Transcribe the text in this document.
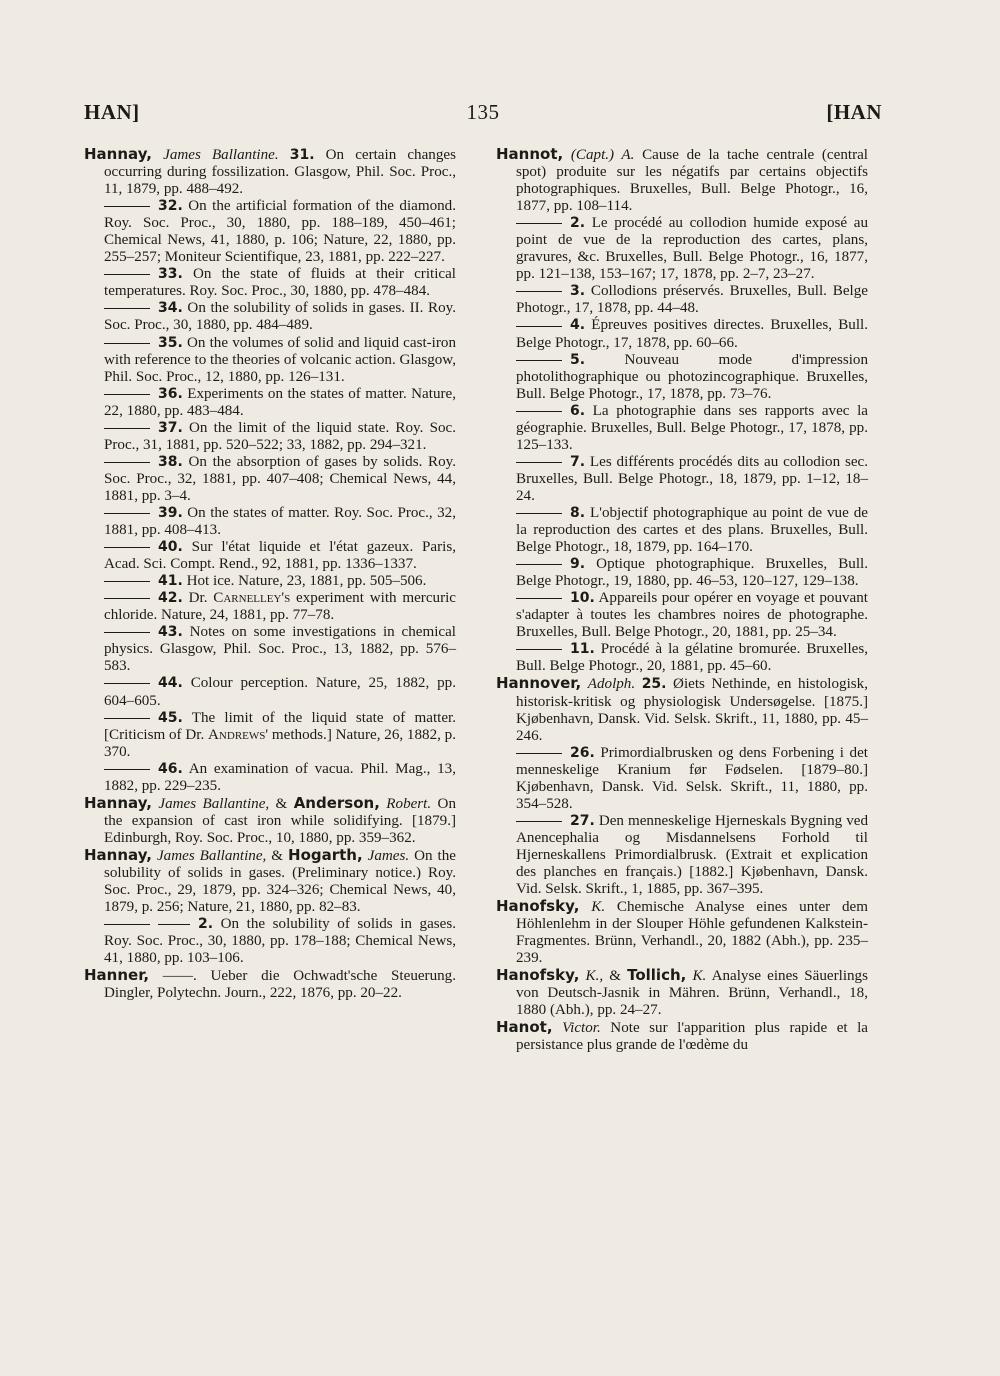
HAN]	135	[HAN

Hannay, James Ballantine. 31. On certain changes occurring during fossilization. Glasgow, Phil. Soc. Proc., 11, 1879, pp. 488–492.

32. On the artificial formation of the diamond. Roy. Soc. Proc., 30, 1880, pp. 188–189, 450–461; Chemical News, 41, 1880, p. 106; Nature, 22, 1880, pp. 255–257; Moniteur Scientifique, 23, 1881, pp. 222–227.

33. On the state of fluids at their critical temperatures. Roy. Soc. Proc., 30, 1880, pp. 478–484.

34. On the solubility of solids in gases. II. Roy. Soc. Proc., 30, 1880, pp. 484–489.

35. On the volumes of solid and liquid cast-iron with reference to the theories of volcanic action. Glasgow, Phil. Soc. Proc., 12, 1880, pp. 126–131.

36. Experiments on the states of matter. Nature, 22, 1880, pp. 483–484.

37. On the limit of the liquid state. Roy. Soc. Proc., 31, 1881, pp. 520–522; 33, 1882, pp. 294–321.

38. On the absorption of gases by solids. Roy. Soc. Proc., 32, 1881, pp. 407–408; Chemical News, 44, 1881, pp. 3–4.

39. On the states of matter. Roy. Soc. Proc., 32, 1881, pp. 408–413.

40. Sur l'état liquide et l'état gazeux. Paris, Acad. Sci. Compt. Rend., 92, 1881, pp. 1336–1337.

41. Hot ice. Nature, 23, 1881, pp. 505–506.

42. Dr. Carnelley's experiment with mercuric chloride. Nature, 24, 1881, pp. 77–78.

43. Notes on some investigations in chemical physics. Glasgow, Phil. Soc. Proc., 13, 1882, pp. 576–583.

44. Colour perception. Nature, 25, 1882, pp. 604–605.

45. The limit of the liquid state of matter. [Criticism of Dr. Andrews' methods.] Nature, 26, 1882, p. 370.

46. An examination of vacua. Phil. Mag., 13, 1882, pp. 229–235.

Hannay, James Ballantine, & Anderson, Robert. On the expansion of cast iron while solidifying. [1879.] Edinburgh, Roy. Soc. Proc., 10, 1880, pp. 359–362.

Hannay, James Ballantine, & Hogarth, James. On the solubility of solids in gases. (Preliminary notice.) Roy. Soc. Proc., 29, 1879, pp. 324–326; Chemical News, 40, 1879, p. 256; Nature, 21, 1880, pp. 82–83.

2. On the solubility of solids in gases. Roy. Soc. Proc., 30, 1880, pp. 178–188; Chemical News, 41, 1880, pp. 103–106.

Hanner, ——. Ueber die Ochwadt'sche Steuerung. Dingler, Polytechn. Journ., 222, 1876, pp. 20–22.

Hannot, (Capt.) A. Cause de la tache centrale (central spot) produite sur les négatifs par certains objectifs photographiques. Bruxelles, Bull. Belge Photogr., 16, 1877, pp. 108–114.

2. Le procédé au collodion humide exposé au point de vue de la reproduction des cartes, plans, gravures, &c. Bruxelles, Bull. Belge Photogr., 16, 1877, pp. 121–138, 153–167; 17, 1878, pp. 2–7, 23–27.

3. Collodions préservés. Bruxelles, Bull. Belge Photogr., 17, 1878, pp. 44–48.

4. Épreuves positives directes. Bruxelles, Bull. Belge Photogr., 17, 1878, pp. 60–66.

5. Nouveau mode d'impression photolithographique ou photozincographique. Bruxelles, Bull. Belge Photogr., 17, 1878, pp. 73–76.

6. La photographie dans ses rapports avec la géographie. Bruxelles, Bull. Belge Photogr., 17, 1878, pp. 125–133.

7. Les différents procédés dits au collodion sec. Bruxelles, Bull. Belge Photogr., 18, 1879, pp. 1–12, 18–24.

8. L'objectif photographique au point de vue de la reproduction des cartes et des plans. Bruxelles, Bull. Belge Photogr., 18, 1879, pp. 164–170.

9. Optique photographique. Bruxelles, Bull. Belge Photogr., 19, 1880, pp. 46–53, 120–127, 129–138.

10. Appareils pour opérer en voyage et pouvant s'adapter à toutes les chambres noires de photographe. Bruxelles, Bull. Belge Photogr., 20, 1881, pp. 25–34.

11. Procédé à la gélatine bromurée. Bruxelles, Bull. Belge Photogr., 20, 1881, pp. 45–60.

Hannover, Adolph. 25. Øiets Nethinde, en histologisk, historisk-kritisk og physiologisk Undersøgelse. [1875.] Kjøbenhavn, Dansk. Vid. Selsk. Skrift., 11, 1880, pp. 45–246.

26. Primordialbrusken og dens Forbening i det menneskelige Kranium før Fødselen. [1879–80.] Kjøbenhavn, Dansk. Vid. Selsk. Skrift., 11, 1880, pp. 354–528.

27. Den menneskelige Hjerneskals Bygning ved Anencephalia og Misdannelsens Forhold til Hjerneskallens Primordialbrusk. (Extrait et explication des planches en français.) [1882.] Kjøbenhavn, Dansk. Vid. Selsk. Skrift., 1, 1885, pp. 367–395.

Hanofsky, K. Chemische Analyse eines unter dem Höhlenlehm in der Slouper Höhle gefundenen Kalkstein-Fragmentes. Brünn, Verhandl., 20, 1882 (Abh.), pp. 235–239.

Hanofsky, K., & Tollich, K. Analyse eines Säuerlings von Deutsch-Jasnik in Mähren. Brünn, Verhandl., 18, 1880 (Abh.), pp. 24–27.

Hanot, Victor. Note sur l'apparition plus rapide et la persistance plus grande de l'œdème du
